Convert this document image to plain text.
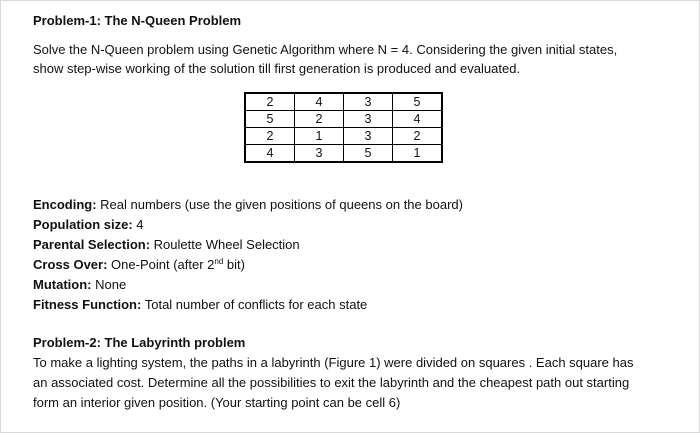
Problem-1: The N-Queen Problem
Solve the N-Queen problem using Genetic Algorithm where N = 4. Considering the given initial states,
show step-wise working of the solution till first generation is produced and evaluated.
2	4	3	5
5	2	3	4
2	1	3	2
4	3	5	1
Encoding: Real numbers (use the given positions of queens on the board)
Population size: 4
Parental Selection: Roulette Wheel Selection
Cross Over: One-Point (after 2nd bit)
Mutation: None
Fitness Function: Total number of conflicts for each state
Problem-2: The Labyrinth problem
To make a lighting system, the paths in a labyrinth (Figure 1) were divided on squares . Each square has
an associated cost. Determine all the possibilities to exit the labyrinth and the cheapest path out starting
form an interior given position. (Your starting point can be cell 6)
